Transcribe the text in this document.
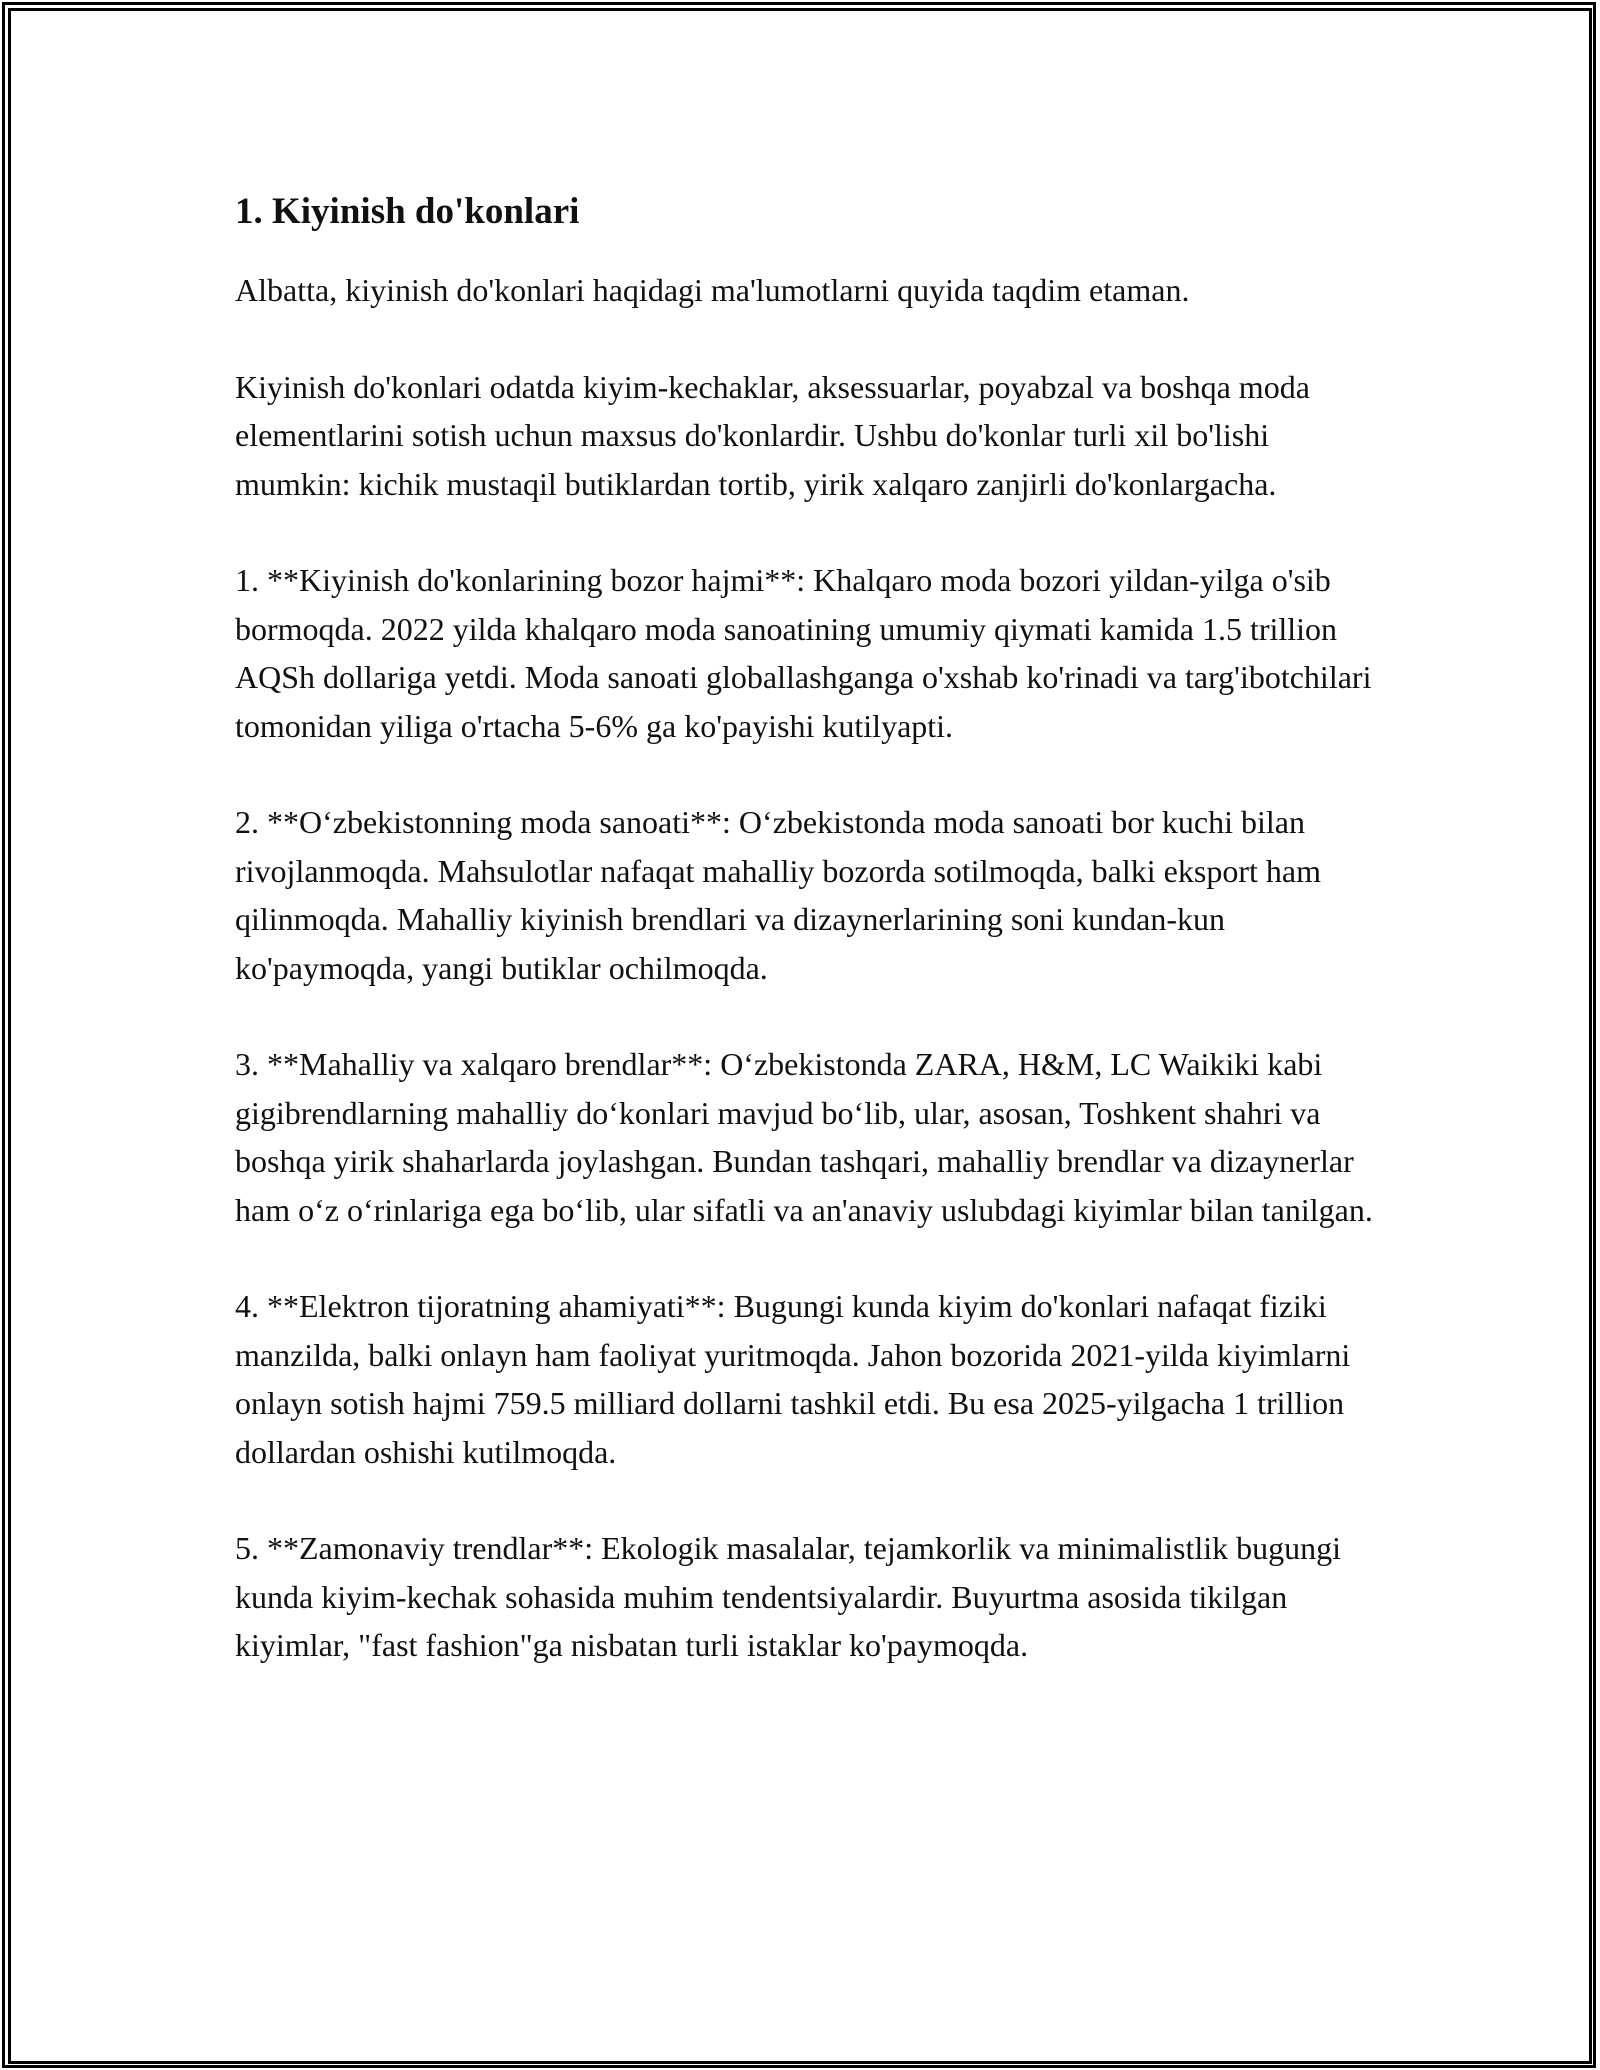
1. Kiyinish do'konlari

Albatta, kiyinish do'konlari haqidagi ma'lumotlarni quyida taqdim etaman.

Kiyinish do'konlari odatda kiyim-kechaklar, aksessuarlar, poyabzal va boshqa moda elementlarini sotish uchun maxsus do'konlardir. Ushbu do'konlar turli xil bo'lishi mumkin: kichik mustaqil butiklardan tortib, yirik xalqaro zanjirli do'konlargacha.

1. **Kiyinish do'konlarining bozor hajmi**: Khalqaro moda bozori yildan-yilga o'sib bormoqda. 2022 yilda khalqaro moda sanoatining umumiy qiymati kamida 1.5 trillion AQSh dollariga yetdi. Moda sanoati globallashganga o'xshab ko'rinadi va targ'ibotchilari tomonidan yiliga o'rtacha 5-6% ga ko'payishi kutilyapti.

2. **Oʻzbekistonning moda sanoati**: Oʻzbekistonda moda sanoati bor kuchi bilan rivojlanmoqda. Mahsulotlar nafaqat mahalliy bozorda sotilmoqda, balki eksport ham qilinmoqda. Mahalliy kiyinish brendlari va dizaynerlarining soni kundan-kun ko'paymoqda, yangi butiklar ochilmoqda.

3. **Mahalliy va xalqaro brendlar**: Oʻzbekistonda ZARA, H&M, LC Waikiki kabi gigibrendlarning mahalliy doʻkonlari mavjud boʻlib, ular, asosan, Toshkent shahri va boshqa yirik shaharlarda joylashgan. Bundan tashqari, mahalliy brendlar va dizaynerlar ham oʻz oʻrinlariga ega boʻlib, ular sifatli va an'anaviy uslubdagi kiyimlar bilan tanilgan.

4. **Elektron tijoratning ahamiyati**: Bugungi kunda kiyim do'konlari nafaqat fiziki manzilda, balki onlayn ham faoliyat yuritmoqda. Jahon bozorida 2021-yilda kiyimlarni onlayn sotish hajmi 759.5 milliard dollarni tashkil etdi. Bu esa 2025-yilgacha 1 trillion dollardan oshishi kutilmoqda.

5. **Zamonaviy trendlar**: Ekologik masalalar, tejamkorlik va minimalistlik bugungi kunda kiyim-kechak sohasida muhim tendentsiyalardir. Buyurtma asosida tikilgan kiyimlar, "fast fashion"ga nisbatan turli istaklar ko'paymoqda.
